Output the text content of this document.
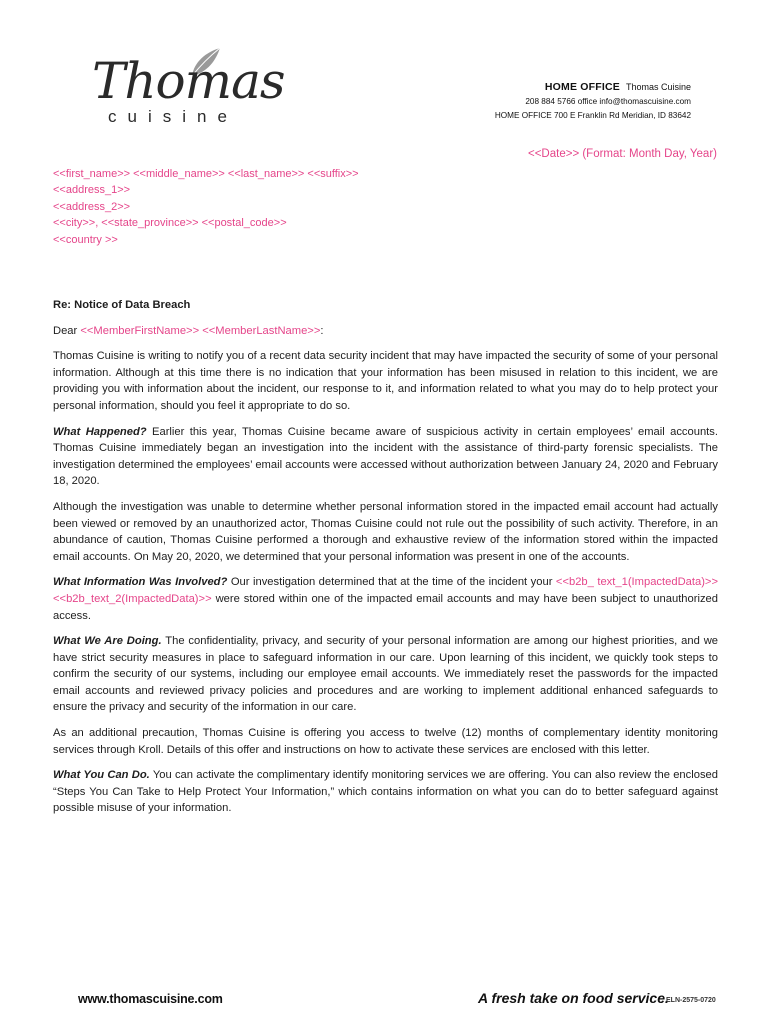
Thomas
cuisine
HOME OFFICE Thomas Cuisine
208 884 5766 office info@thomascuisine.com
HOME OFFICE 700 E Franklin Rd Meridian, ID 83642
<<Date>> (Format: Month Day, Year)
<<first_name>> <<middle_name>> <<last_name>> <<suffix>>
<<address_1>>
<<address_2>>
<<city>>, <<state_province>> <<postal_code>>
<<country >>

Re: Notice of Data Breach

Dear <<MemberFirstName>> <<MemberLastName>>:

Thomas Cuisine is writing to notify you of a recent data security incident that may have impacted the security of some of your personal information. Although at this time there is no indication that your information has been misused in relation to this incident, we are providing you with information about the incident, our response to it, and information related to what you may do to help protect your personal information, should you feel it appropriate to do so.

What Happened? Earlier this year, Thomas Cuisine became aware of suspicious activity in certain employees’ email accounts. Thomas Cuisine immediately began an investigation into the incident with the assistance of third-party forensic specialists. The investigation determined the employees’ email accounts were accessed without authorization between January 24, 2020 and February 18, 2020.

Although the investigation was unable to determine whether personal information stored in the impacted email account had actually been viewed or removed by an unauthorized actor, Thomas Cuisine could not rule out the possibility of such activity. Therefore, in an abundance of caution, Thomas Cuisine performed a thorough and exhaustive review of the information stored within the impacted email accounts. On May 20, 2020, we determined that your personal information was present in one of the accounts.

What Information Was Involved? Our investigation determined that at the time of the incident your <<b2b_ text_1(ImpactedData)>><<b2b_text_2(ImpactedData)>> were stored within one of the impacted email accounts and may have been subject to unauthorized access.

What We Are Doing. The confidentiality, privacy, and security of your personal information are among our highest priorities, and we have strict security measures in place to safeguard information in our care. Upon learning of this incident, we quickly took steps to confirm the security of our systems, including our employee email accounts. We immediately reset the passwords for the impacted email accounts and reviewed privacy policies and procedures and are working to implement additional enhanced safeguards to ensure the privacy and security of the information in our care.

As an additional precaution, Thomas Cuisine is offering you access to twelve (12) months of complementary identity monitoring services through Kroll. Details of this offer and instructions on how to activate these services are enclosed with this letter.

What You Can Do. You can activate the complimentary identify monitoring services we are offering. You can also review the enclosed “Steps You Can Take to Help Protect Your Information,” which contains information on what you can do to better safeguard against possible misuse of your information.

www.thomascuisine.com	A fresh take on food service.
ELN-2575-0720
